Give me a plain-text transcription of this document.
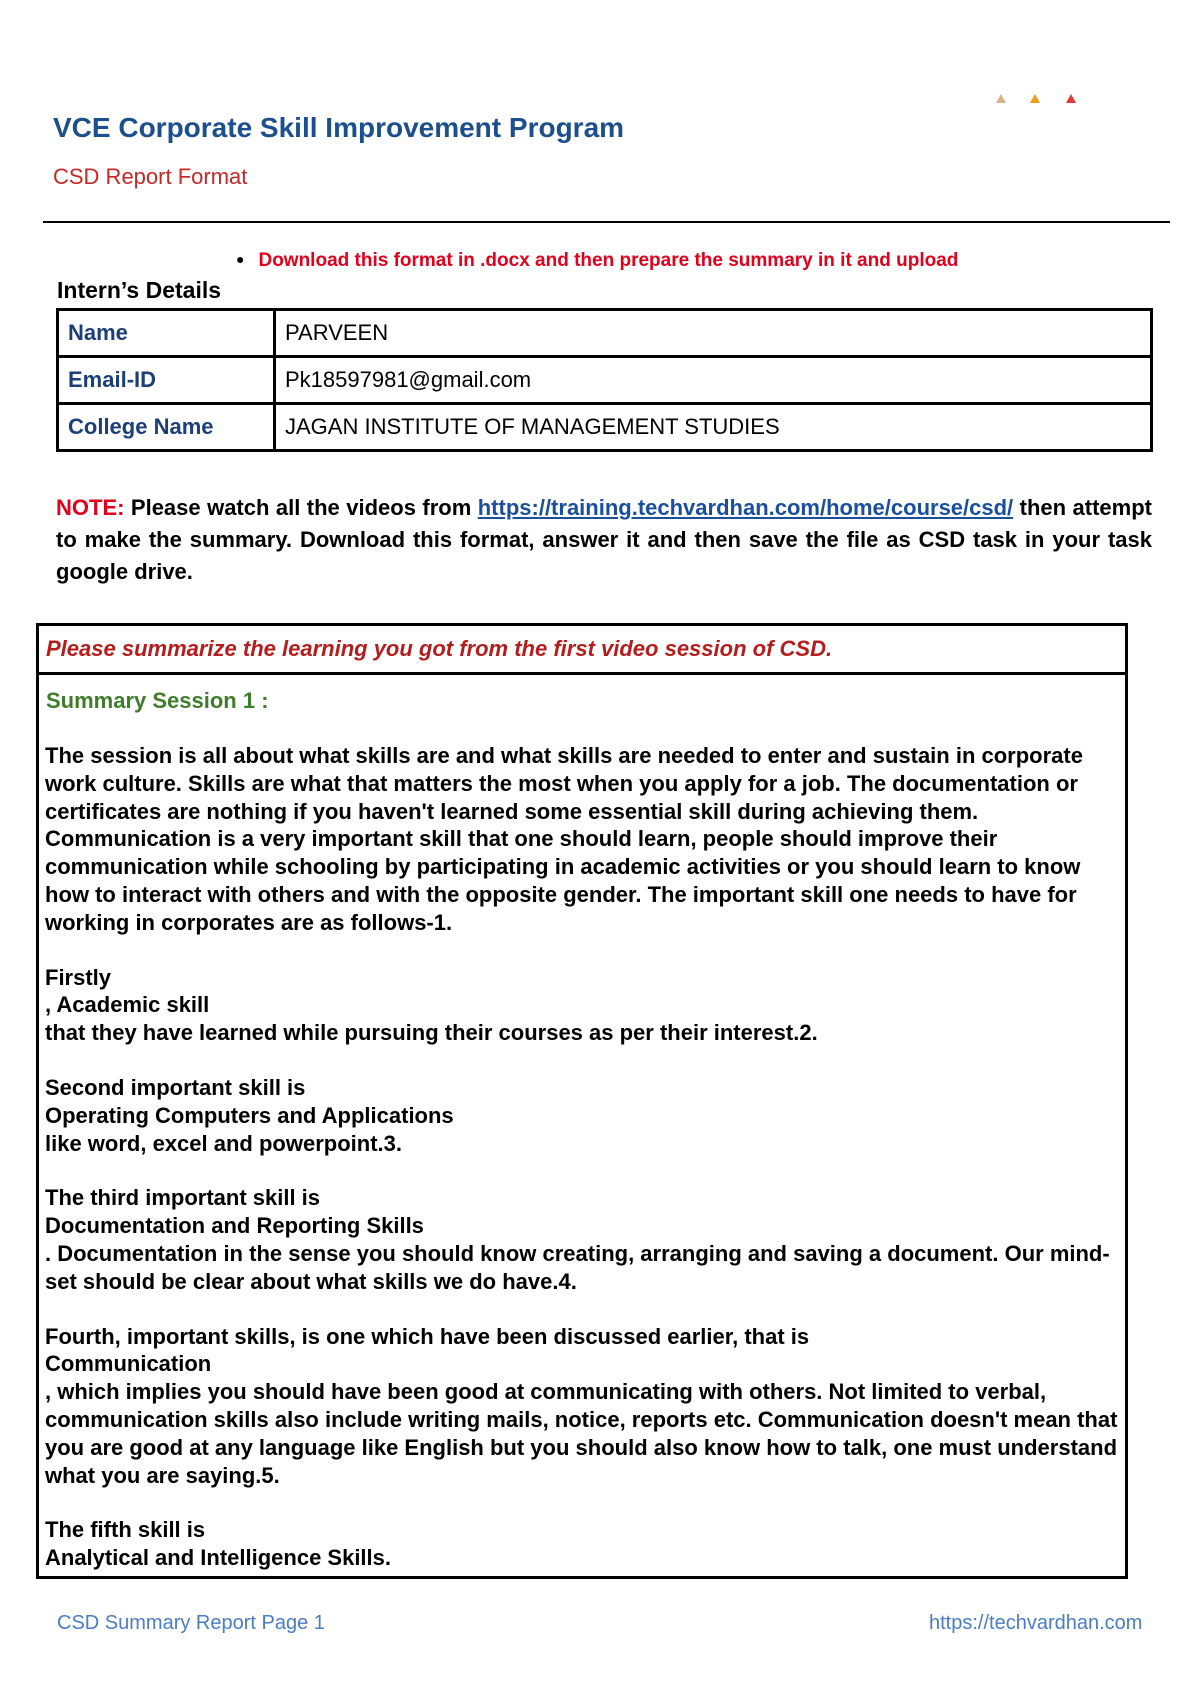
VCE Corporate Skill Improvement Program
CSD Report Format
● Download this format in .docx and then prepare the summary in it and upload
Intern’s Details
Name	PARVEEN
Email-ID	Pk18597981@gmail.com
College Name	JAGAN INSTITUTE OF MANAGEMENT STUDIES
NOTE: Please watch all the videos from https://training.techvardhan.com/home/course/csd/ then attempt to make the summary. Download this format, answer it and then save the file as CSD task in your task google drive.
Please summarize the learning you got from the first video session of CSD.
Summary Session 1 :

The session is all about what skills are and what skills are needed to enter and sustain in corporate work culture. Skills are what that matters the most when you apply for a job. The documentation or certificates are nothing if you haven't learned some essential skill during achieving them. Communication is a very important skill that one should learn, people should improve their communication while schooling by participating in academic activities or you should learn to know how to interact with others and with the opposite gender. The important skill one needs to have for working in corporates are as follows-1.

Firstly
, Academic skill
that they have learned while pursuing their courses as per their interest.2.

Second important skill is
Operating Computers and Applications
like word, excel and powerpoint.3.

The third important skill is
Documentation and Reporting Skills
. Documentation in the sense you should know creating, arranging and saving a document. Our mind-set should be clear about what skills we do have.4.

Fourth, important skills, is one which have been discussed earlier, that is
Communication
, which implies you should have been good at communicating with others. Not limited to verbal, communication skills also include writing mails, notice, reports etc. Communication doesn't mean that you are good at any language like English but you should also know how to talk, one must understand what you are saying.5.

The fifth skill is
Analytical and Intelligence Skills.

CSD Summary Report Page 1	https://techvardhan.com
